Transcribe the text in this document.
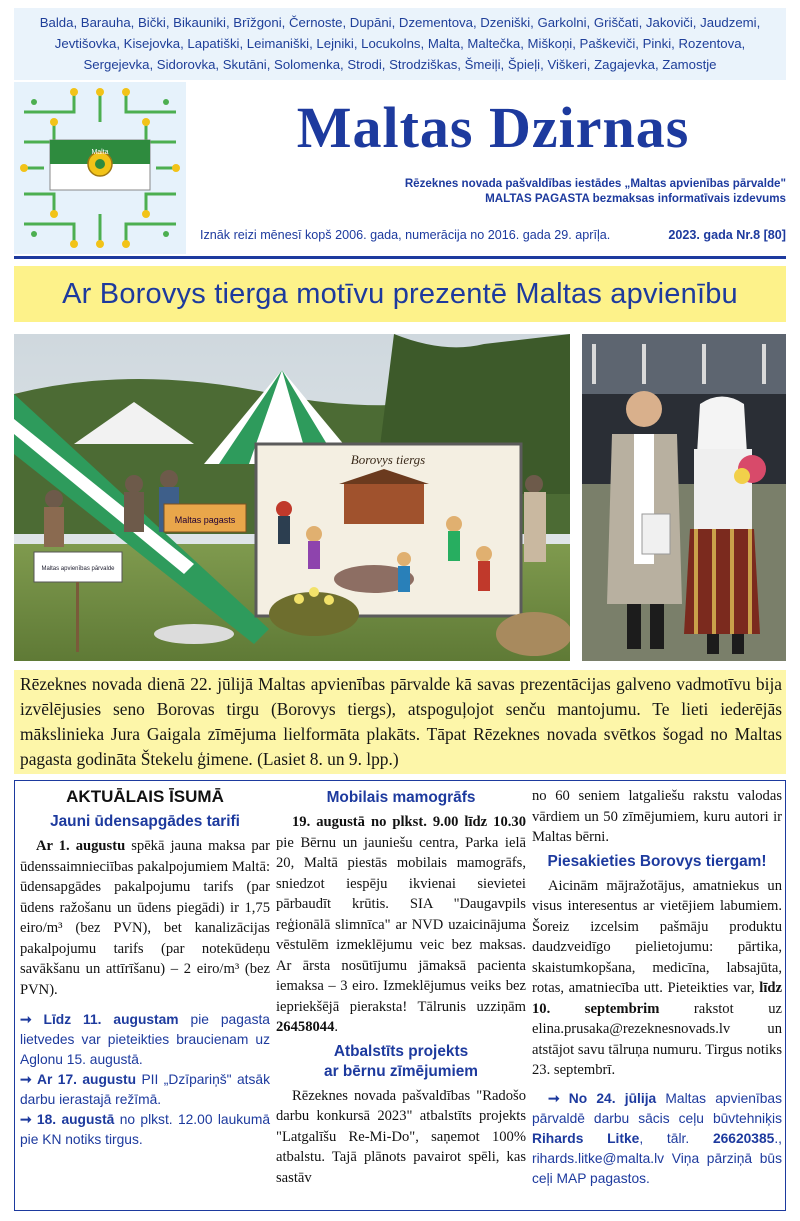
Balda, Barauha, Bički, Bikauniki, Brīžgoni, Černoste, Dupāni, Dzementova, Dzeniški, Garkolni, Griščati, Jakoviči, Jaudzemi, Jevtišovka, Kisejovka, Lapatiški, Leimaniški, Lejniki, Locukolns, Malta, Maltečka, Miškoņi, Paškeviči, Pinki, Rozentova, Sergejevka, Sidorovka, Skutāni, Solomenka, Strodi, Strodziškas, Šmeiļi, Špieļi, Viškeri, Zagajevka, Zamostje
Malta	Maltas Dzirnas
Rēzeknes novada pašvaldības iestādes „Maltas apvienības pārvalde"
MALTAS PAGASTA bezmaksas informatīvais izdevums
Iznāk reizi mēnesī kopš 2006. gada, numerācija no 2016. gada 29. aprīļa.	2023. gada Nr.8 [80]
Ar Borovys tierga motīvu prezentē Maltas apvienību
Maltas pagasts
Maltas apvienības pārvalde
Borovys tiergs
Rēzeknes novada dienā 22. jūlijā Maltas apvienības pārvalde kā savas prezentācijas galveno vadmotīvu bija izvēlējusies seno Borovas tirgu (Borovys tiergs), atspoguļojot senču mantojumu. Te lieti iederējās mākslinieka Jura Gaigala zīmējuma lielformāta plakāts. Tāpat Rēzeknes novada svētkos šogad no Maltas pagasta godināta Štekelu ģimene. (Lasiet 8. un 9. lpp.)
AKTUĀLAIS ĪSUMĀ
Jauni ūdensapgādes tarifi

Ar 1. augustu spēkā jauna maksa par ūdenssaimnieciības pakalpojumiem Maltā: ūdensapgādes pakalpojumu tarifs (par ūdens ražošanu un ūdens piegādi) ir 1,75 eiro/m³ (bez PVN), bet kanalizācijas pakalpojumu tarifs (par notekūdeņu savākšanu un attīrīšanu) – 2 eiro/m³ (bez PVN).

➞ Līdz 11. augustam pie pagasta lietvedes var pieteikties braucienam uz Aglonu 15. augustā.

➞ Ar 17. augustu PII „Dzīpariņš" atsāk darbu ierastajā režīmā.

➞ 18. augustā no plkst. 12.00 laukumā pie KN notiks tirgus.

Mobilais mamogrāfs

19. augustā no plkst. 9.00 līdz 10.30 pie Bērnu un jauniešu centra, Parka ielā 20, Maltā piestās mobilais mamogrāfs, sniedzot iespēju ikvienai sievietei pārbaudīt krūtis. SIA "Daugavpils reģionālā slimnīca" ar NVD uzaicinājuma vēstulēm izmeklējumu veic bez maksas. Ar ārsta nosūtījumu jāmaksā pacienta iemaksa – 3 eiro. Izmeklējumus veiks bez iepriekšējā pieraksta! Tālrunis uzziņām 26458044.

Atbalstīts projekts
ar bērnu zīmējumiem

Rēzeknes novada pašvaldības "Radošo darbu konkursā 2023" atbalstīts projekts "Latgalīšu Re-Mi-Do", saņemot 100% atbalstu. Tajā plānots pavairot spēli, kas sastāv

no 60 seniem latgaliešu rakstu valodas vārdiem un 50 zīmējumiem, kuru autori ir Maltas bērni.

Piesakieties Borovys tiergam!

Aicinām mājražotājus, amatniekus un visus interesentus ar vietējiem labumiem. Šoreiz izcelsim pašmāju produktu daudzveidīgo pielietojumu: pārtika, skaistumkopšana, medicīna, labsajūta, rotas, amatniecība utt. Pieteikties var, līdz 10. septembrim rakstot uz elina.prusaka@rezeknesnovads.lv un atstājot savu tālruņa numuru. Tirgus notiks 23. septembrī.

➞ No 24. jūlija Maltas apvienības pārvaldē darbu sācis ceļu būvtehniķis Rihards Litke, tālr. 26620385., rihards.litke@malta.lv Viņa pārziņā būs ceļi MAP pagastos.
